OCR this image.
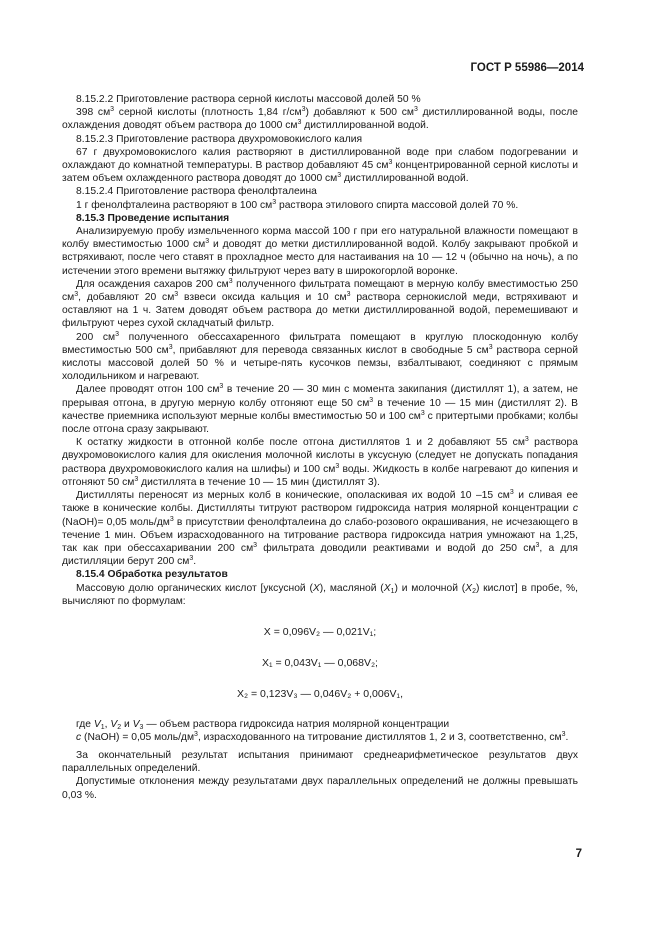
ГОСТ Р 55986—2014

8.15.2.2 Приготовление раствора серной кислоты массовой долей 50 %

398 $см^3$ серной кислоты (плотность 1,84 $г/см^3$) добавляют к 500 $см^3$ дистиллированной воды, после охлаждения доводят объем раствора до 1000 $см^3$ дистиллированной водой.

8.15.2.3 Приготовление раствора двухромовокислого калия

67 г двухромовокислого калия растворяют в дистиллированной воде при слабом подогревании и охлаждают до комнатной температуры. В раствор добавляют 45 $см^3$ концентрированной серной кислоты и затем объем охлажденного раствора доводят до 1000 $см^3$ дистиллированной водой.

8.15.2.4 Приготовление раствора фенолфталеина

1 г фенолфталеина растворяют в 100 $см^3$ раствора этилового спирта массовой долей 70 %.

8.15.3 Проведение испытания

Анализируемую пробу измельченного корма массой 100 г при его натуральной влажности помещают в колбу вместимостью 1000 $см^3$ и доводят до метки дистиллированной водой. Колбу закрывают пробкой и встряхивают, после чего ставят в прохладное место для настаивания на 10 — 12 ч (обычно на ночь), а по истечении этого времени вытяжку фильтруют через вату в широкогорлой воронке.

Для осаждения сахаров 200 $см^3$ полученного фильтрата помещают в мерную колбу вместимостью 250 $см^3$, добавляют 20 $см^3$ взвеси оксида кальция и 10 $см^3$ раствора сернокислой меди, встряхивают и оставляют на 1 ч. Затем доводят объем раствора до метки дистиллированной водой, перемешивают и фильтруют через сухой складчатый фильтр.

200 $см^3$ полученного обессахаренного фильтрата помещают в круглую плоскодонную колбу вместимостью 500 $см^3$, прибавляют для перевода связанных кислот в свободные 5 $см^3$ раствора серной кислоты массовой долей 50 % и четыре-пять кусочков пемзы, взбалтывают, соединяют с прямым холодильником и нагревают.

Далее проводят отгон 100 $см^3$ в течение 20 — 30 мин с момента закипания (дистиллят 1), а затем, не прерывая отгона, в другую мерную колбу отгоняют еще 50 $см^3$ в течение 10 — 15 мин (дистиллят 2). В качестве приемника используют мерные колбы вместимостью 50 и 100 $см^3$ с притертыми пробками; колбы после отгона сразу закрывают.

К остатку жидкости в отгонной колбе после отгона дистиллятов 1 и 2 добавляют 55 $см^3$ раствора двухромовокислого калия для окисления молочной кислоты в уксусную (следует не допускать попадания раствора двухромовокислого калия на шлифы) и 100 $см^3$ воды. Жидкость в колбе нагревают до кипения и отгоняют 50 $см^3$ дистиллята в течение 10 — 15 мин (дистиллят 3).

Дистилляты переносят из мерных колб в конические, ополаскивая их водой 10 –15 $см^3$ и сливая ее также в конические колбы. Дистилляты титруют раствором гидроксида натрия молярной концентрации с (NaOH)= 0,05 моль/$дм^3$ в присутствии фенолфталеина до слабо-розового окрашивания, не исчезающего в течение 1 мин. Объем израсходованного на титрование раствора гидроксида натрия умножают на 1,25, так как при обессахаривании 200 $см^3$ фильтрата доводили реактивами и водой до 250 $см^3$, а для дистилляции берут 200 $см^3$.

8.15.4 Обработка результатов

Массовую долю органических кислот [уксусной (X), масляной $(X_1)$ и молочной $(X_2)$ кислот] в пробе, %, вычисляют по формулам:

X = 0,096V₂ — 0,021V₁;

X₁ = 0,043V₁ — 0,068V₂;

X₂ = 0,123V₃ — 0,046V₂ + 0,006V₁,

где $V_1$, $V_2$ и $V_3$ — объем раствора гидроксида натрия молярной концентрации

с (NaOH) = 0,05 моль/$дм^3$, израсходованного на титрование дистиллятов 1, 2 и 3, соответственно, $см^3$.

За окончательный результат испытания принимают среднеарифметическое результатов двух параллельных определений.

Допустимые отклонения между результатами двух параллельных определений не должны превышать 0,03 %.

7
